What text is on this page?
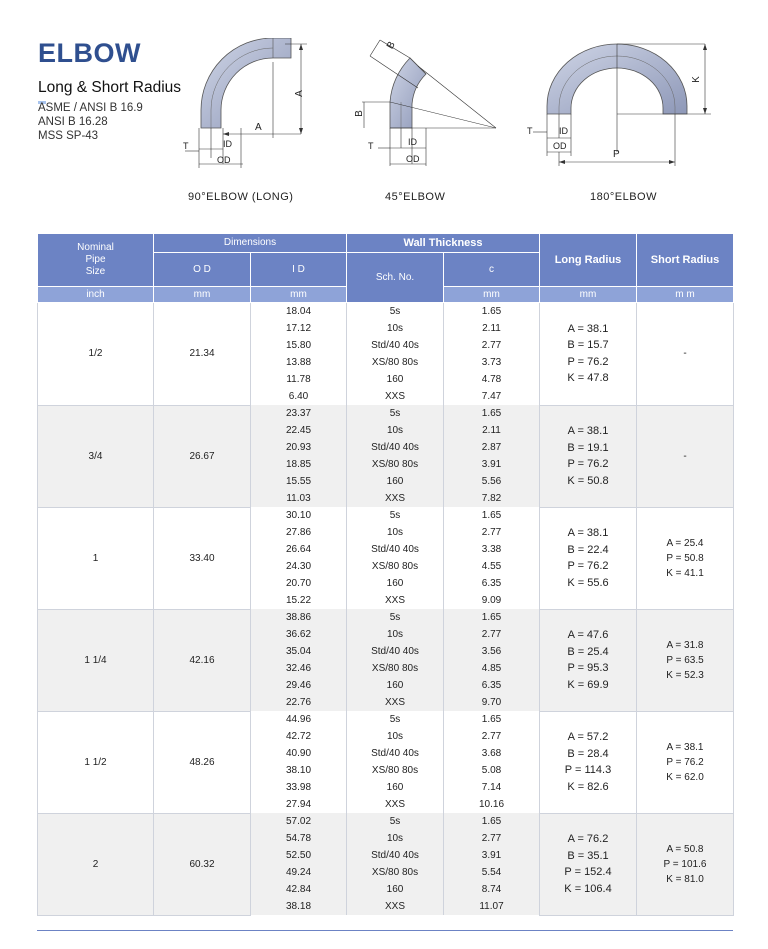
ELBOW
Long & Short Radius
ASME / ANSI B 16.9
ANSI B 16.28
MSS SP-43
A
A
T	ID
OD
90°ELBOW (LONG)
B
B
T	ID
OD
45°ELBOW
K
T	ID
OD
P
180°ELBOW
Nominal
Pipe
Size	Dimensions		Wall Thickness		Long Radius	Short Radius
	O D	I D	Sch. No.	c		
inch	mm	mm		mm	mm	m m
1/2	21.34	18.04	5s	1.65	A = 38.1
B = 15.7
P = 76.2
K = 47.8	-

		17.12	10s	2.11		
		15.80	Std/40 40s	2.77		
		13.88	XS/80 80s	3.73		
		11.78	160	4.78		
		6.40	XXS	7.47		
3/4	26.67	23.37	5s	1.65	A = 38.1
B = 19.1
P = 76.2
K = 50.8	-

		22.45	10s	2.11		
		20.93	Std/40 40s	2.87		
		18.85	XS/80 80s	3.91		
		15.55	160	5.56		
		11.03	XXS	7.82		
1	33.40	30.10	5s	1.65	A = 38.1
B = 22.4
P = 76.2
K = 55.6	A = 25.4
P = 50.8
K = 41.1

		27.86	10s	2.77		
		26.64	Std/40 40s	3.38		
		24.30	XS/80 80s	4.55		
		20.70	160	6.35		
		15.22	XXS	9.09		
1 1/4	42.16	38.86	5s	1.65	A = 47.6
B = 25.4
P = 95.3
K = 69.9	A = 31.8
P = 63.5
K = 52.3

		36.62	10s	2.77		
		35.04	Std/40 40s	3.56		
		32.46	XS/80 80s	4.85		
		29.46	160	6.35		
		22.76	XXS	9.70		
1 1/2	48.26	44.96	5s	1.65	A = 57.2
B = 28.4
P = 114.3
K = 82.6	A = 38.1
P = 76.2
K = 62.0

		42.72	10s	2.77		
		40.90	Std/40 40s	3.68		
		38.10	XS/80 80s	5.08		
		33.98	160	7.14		
		27.94	XXS	10.16		
2	60.32	57.02	5s	1.65	A = 76.2
B = 35.1
P = 152.4
K = 106.4	A = 50.8
P = 101.6
K = 81.0

		54.78	10s	2.77		
		52.50	Std/40 40s	3.91		
		49.24	XS/80 80s	5.54		
		42.84	160	8.74		
		38.18	XXS	11.07		
